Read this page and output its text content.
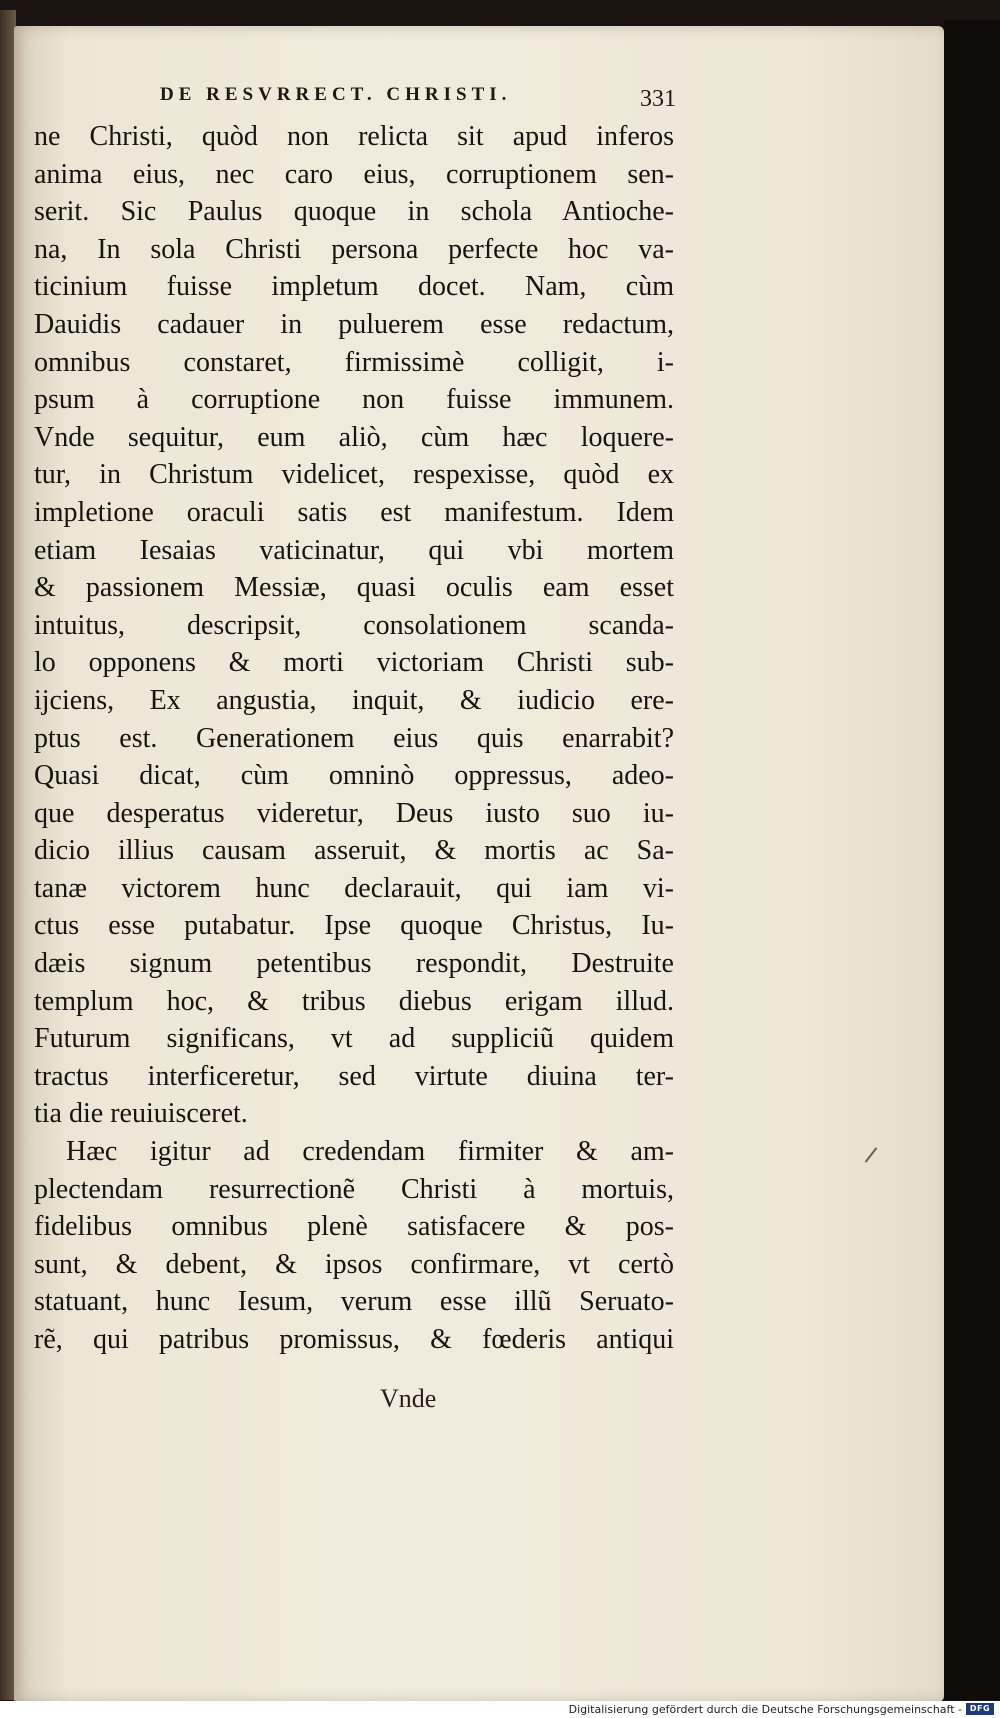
DE RESVRRECT. CHRISTI.	331
ne Christi, quòd non relicta sit apud inferos
anima eius, nec caro eius, corruptionem sen-
serit. Sic Paulus quoque in schola Antioche-
na, In sola Christi persona perfecte hoc va-
ticinium fuisse impletum docet. Nam, cùm
Dauidis cadauer in puluerem esse redactum,
omnibus constaret, firmissimè colligit, i-
psum à corruptione non fuisse immunem.
Vnde sequitur, eum aliò, cùm hæc loquere-
tur, in Christum videlicet, respexisse, quòd ex
impletione oraculi satis est manifestum. Idem
etiam Iesaias vaticinatur, qui vbi mortem
& passionem Messiæ, quasi oculis eam esset
intuitus, descripsit, consolationem scanda-
lo opponens & morti victoriam Christi sub-
ijciens, Ex angustia, inquit, & iudicio ere-
ptus est. Generationem eius quis enarrabit?
Quasi dicat, cùm omninò oppressus, adeo-
que desperatus videretur, Deus iusto suo iu-
dicio illius causam asseruit, & mortis ac Sa-
tanæ victorem hunc declarauit, qui iam vi-
ctus esse putabatur. Ipse quoque Christus, Iu-
dæis signum petentibus respondit, Destruite
templum hoc, & tribus diebus erigam illud.
Futurum significans, vt ad suppliciũ quidem
tractus interficeretur, sed virtute diuina ter-
tia die reuiuisceret.
Hæc igitur ad credendam firmiter & am-
plectendam resurrectionẽ Christi à mortuis,
fidelibus omnibus plenè satisfacere & pos-
sunt, & debent, & ipsos confirmare, vt certò
statuant, hunc Iesum, verum esse illũ Seruato-
rẽ, qui patribus promissus, & fœderis antiqui
Digitalisierung gefördert durch die Deutsche Forschungsgemeinschaft - DFG
